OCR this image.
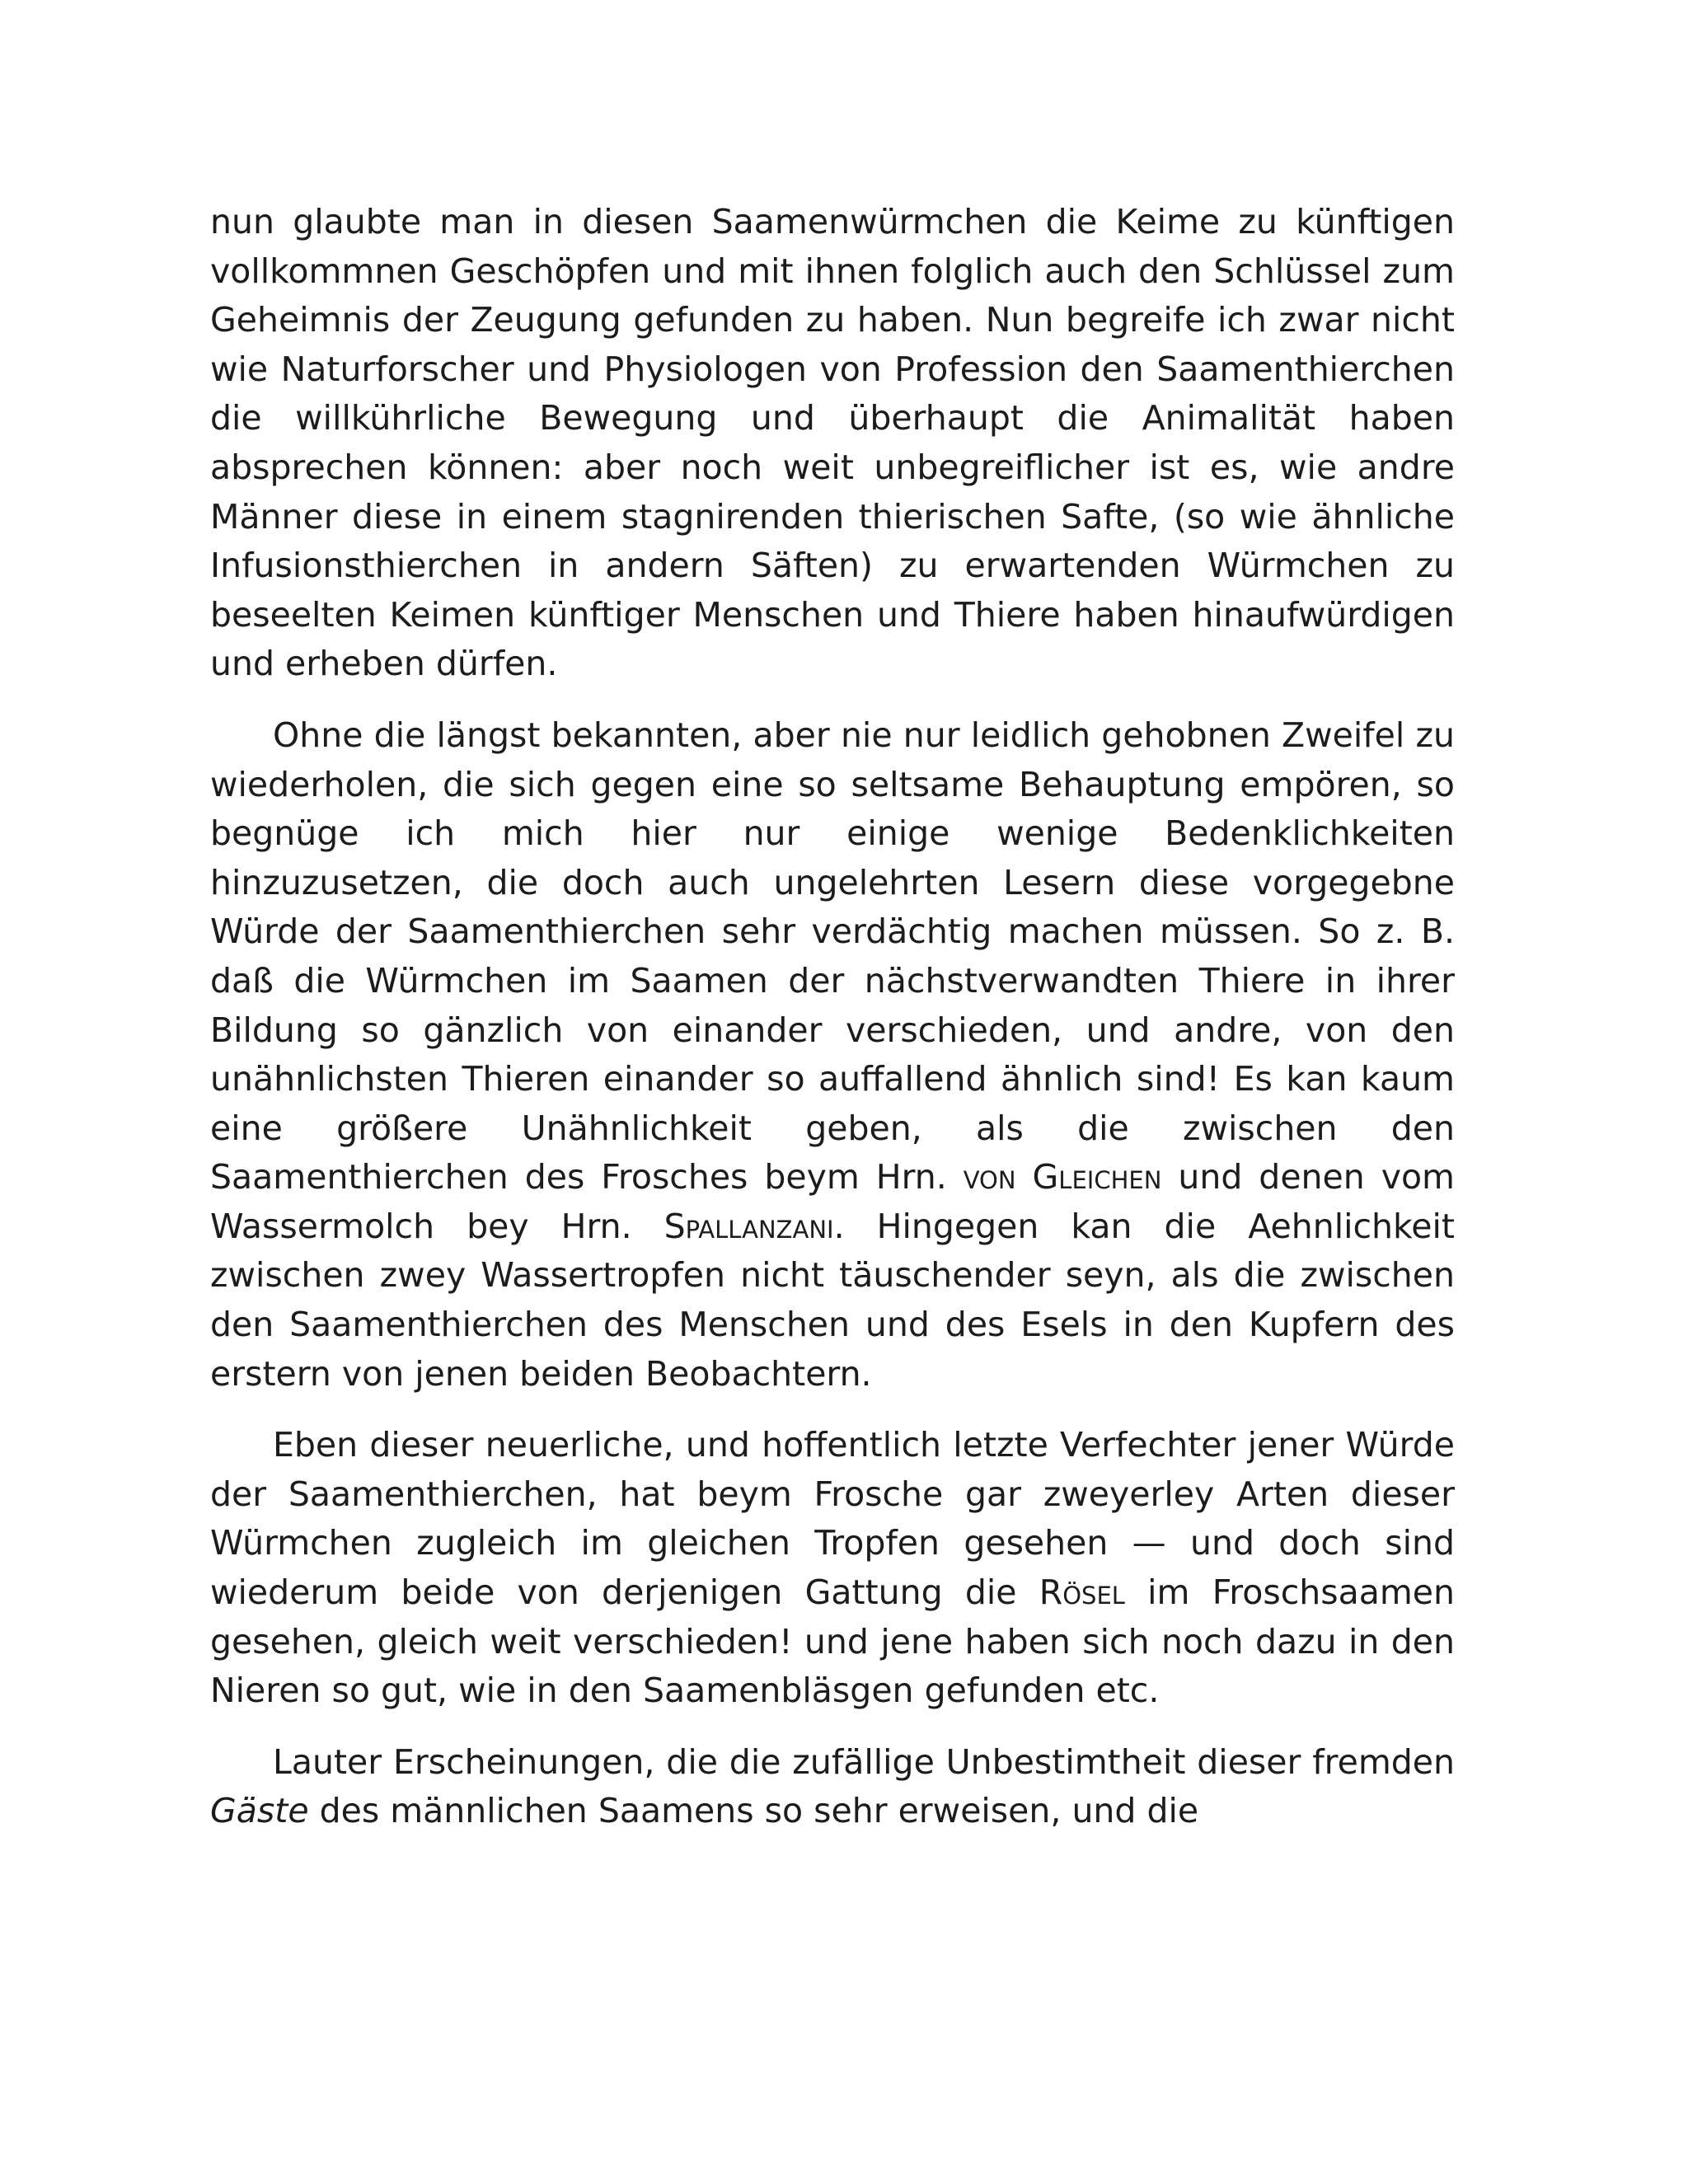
nun glaubte man in diesen Saamenwürmchen die Keime zu künftigen vollkommnen Geschöpfen und mit ihnen folglich auch den Schlüssel zum Geheimnis der Zeugung gefunden zu haben. Nun begreife ich zwar nicht wie Naturforscher und Physiologen von Profession den Saamenthierchen die willkührliche Bewegung und überhaupt die Animalität haben absprechen können: aber noch weit unbegreiflicher ist es, wie andre Männer diese in einem stagnirenden thierischen Safte, (so wie ähnliche Infusionsthierchen in andern Säften) zu erwartenden Würmchen zu beseelten Keimen künftiger Menschen und Thiere haben hinaufwürdigen und erheben dürfen.

Ohne die längst bekannten, aber nie nur leidlich gehobnen Zweifel zu wiederholen, die sich gegen eine so seltsame Behauptung empören, so begnüge ich mich hier nur einige wenige Bedenklichkeiten hinzuzusetzen, die doch auch ungelehrten Lesern diese vorgegebne Würde der Saamenthierchen sehr verdächtig machen müssen. So z. B. daß die Würmchen im Saamen der nächstverwandten Thiere in ihrer Bildung so gänzlich von einander verschieden, und andre, von den unähnlichsten Thieren einander so auffallend ähnlich sind! Es kan kaum eine größere Unähnlichkeit geben, als die zwischen den Saamenthierchen des Frosches beym Hrn. von Gleichen und denen vom Wassermolch bey Hrn. Spallanzani. Hingegen kan die Aehnlichkeit zwischen zwey Wassertropfen nicht täuschender seyn, als die zwischen den Saamenthierchen des Menschen und des Esels in den Kupfern des erstern von jenen beiden Beobachtern.

Eben dieser neuerliche, und hoffentlich letzte Verfechter jener Würde der Saamenthierchen, hat beym Frosche gar zweyerley Arten dieser Würmchen zugleich im gleichen Tropfen gesehen — und doch sind wiederum beide von derjenigen Gattung die Rösel im Froschsaamen gesehen, gleich weit verschieden! und jene haben sich noch dazu in den Nieren so gut, wie in den Saamenbläsgen gefunden etc.

Lauter Erscheinungen, die die zufällige Unbestimtheit dieser fremden Gäste des männlichen Saamens so sehr erweisen, und die
